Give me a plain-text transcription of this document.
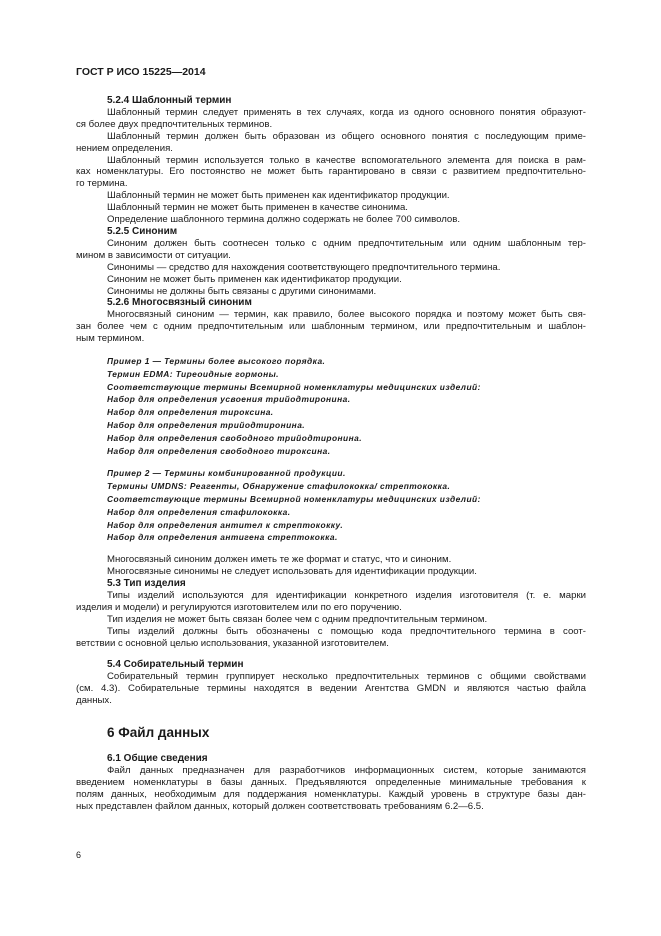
ГОСТ Р ИСО 15225—2014
5.2.4 Шаблонный термин
Шаблонный термин следует применять в тех случаях, когда из одного основного понятия образуют-
ся более двух предпочтительных терминов.
Шаблонный термин должен быть образован из общего основного понятия с последующим приме-
нением определения.
Шаблонный термин используется только в качестве вспомогательного элемента для поиска в рам-
ках номенклатуры. Его постоянство не может быть гарантировано в связи с развитием предпочтительно-
го термина.
Шаблонный термин не может быть применен как идентификатор продукции.
Шаблонный термин не может быть применен в качестве синонима.
Определение шаблонного термина должно содержать не более 700 символов.
5.2.5 Синоним
Синоним должен быть соотнесен только с одним предпочтительным или одним шаблонным тер-
мином в зависимости от ситуации.
Синонимы — средство для нахождения соответствующего предпочтительного термина.
Синоним не может быть применен как идентификатор продукции.
Синонимы не должны быть связаны с другими синонимами.
5.2.6 Многосвязный синоним
Многосвязный синоним — термин, как правило, более высокого порядка и поэтому может быть свя-
зан более чем с одним предпочтительным или шаблонным термином, или предпочтительным и шаблон-
ным термином.
Пример 1 — Термины более высокого порядка.
Термин EDMA: Тиреоидные гормоны.
Соответствующие термины Всемирной номенклатуры медицинских изделий:
Набор для определения усвоения трийодтиронина.
Набор для определения тироксина.
Набор для определения трийодтиронина.
Набор для определения свободного трийодтиронина.
Набор для определения свободного тироксина.
Пример 2 — Термины комбинированной продукции.
Термины UMDNS: Реагенты, Обнаружение стафилококка/ стрептококка.
Соответствующие термины Всемирной номенклатуры медицинских изделий:
Набор для определения стафилококка.
Набор для определения антител к стрептококку.
Набор для определения антигена стрептококка.
Многосвязный синоним должен иметь те же формат и статус, что и синоним.
Многосвязные синонимы не следует использовать для идентификации продукции.
5.3 Тип изделия
Типы изделий используются для идентификации конкретного изделия изготовителя (т. е. марки
изделия и модели) и регулируются изготовителем или по его поручению.
Тип изделия не может быть связан более чем с одним предпочтительным термином.
Типы изделий должны быть обозначены с помощью кода предпочтительного термина в соот-
ветствии с основной целью использования, указанной изготовителем.
5.4 Собирательный термин
Собирательный термин группирует несколько предпочтительных терминов с общими свойствами
(см. 4.3). Собирательные термины находятся в ведении Агентства GMDN и являются частью файла
данных.
6 Файл данных
6.1 Общие сведения
Файл данных предназначен для разработчиков информационных систем, которые занимаются
введением номенклатуры в базы данных. Предъявляются определенные минимальные требования к
полям данных, необходимым для поддержания номенклатуры. Каждый уровень в структуре базы дан-
ных представлен файлом данных, который должен соответствовать требованиям 6.2—6.5.
6
